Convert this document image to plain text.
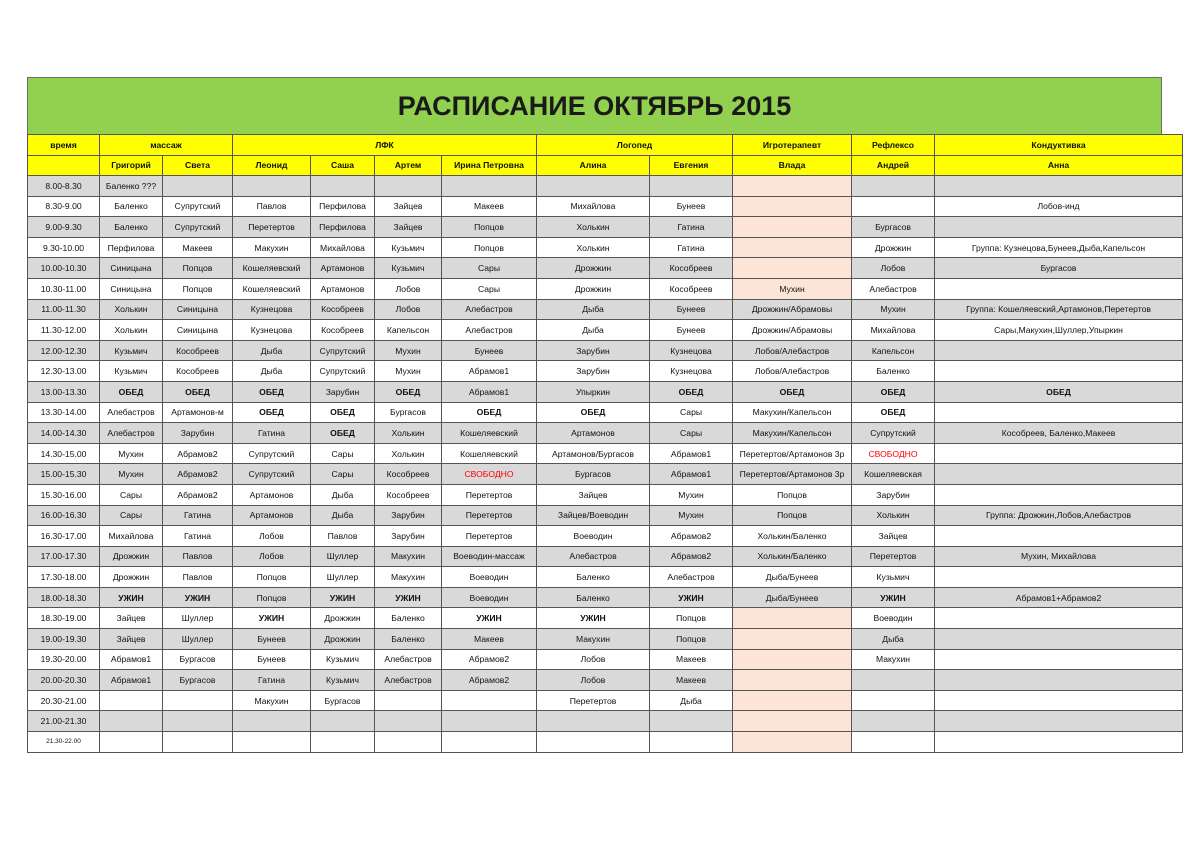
РАСПИСАНИЕ ОКТЯБРЬ 2015
время	массаж		ЛФК				Логопед		Игротерапевт	Рефлексо	Кондуктивка
	Григорий	Света	Леонид	Саша	Артем	Ирина Петровна	Алина	Евгения	Влада	Андрей	Анна
8.00-8.30	Баленко ???										
8.30-9.00	Баленко	Супрутский	Павлов	Перфилова	Зайцев	Макеев	Михайлова	Бунеев			Лобов-инд
9.00-9.30	Баленко	Супрутский	Перетертов	Перфилова	Зайцев	Попцов	Холькин	Гатина		Бургасов	
9.30-10.00	Перфилова	Макеев	Макухин	Михайлова	Кузьмич	Попцов	Холькин	Гатина		Дрожжин	Группа: Кузнецова,Бунеев,Дыба,Капельсон
10.00-10.30	Синицына	Попцов	Кошеляевский	Артамонов	Кузьмич	Сары	Дрожжин	Кособреев		Лобов	Бургасов
10.30-11.00	Синицына	Попцов	Кошеляевский	Артамонов	Лобов	Сары	Дрожжин	Кособреев	Мухин	Алебастров	
11.00-11.30	Холькин	Синицына	Кузнецова	Кособреев	Лобов	Алебастров	Дыба	Бунеев	Дрожжин/Абрамовы	Мухин	Группа: Кошеляевский,Артамонов,Перетертов
11.30-12.00	Холькин	Синицына	Кузнецова	Кособреев	Капельсон	Алебастров	Дыба	Бунеев	Дрожжин/Абрамовы	Михайлова	Сары,Макухин,Шуллер,Упыркин
12.00-12.30	Кузьмич	Кособреев	Дыба	Супрутский	Мухин	Бунеев	Зарубин	Кузнецова	Лобов/Алебастров	Капельсон	
12.30-13.00	Кузьмич	Кособреев	Дыба	Супрутский	Мухин	Абрамов1	Зарубин	Кузнецова	Лобов/Алебастров	Баленко	
13.00-13.30	ОБЕД	ОБЕД	ОБЕД	Зарубин	ОБЕД	Абрамов1	Упыркин	ОБЕД	ОБЕД	ОБЕД	ОБЕД
13.30-14.00	Алебастров	Артамонов-м	ОБЕД	ОБЕД	Бургасов	ОБЕД	ОБЕД	Сары	Макухин/Капельсон	ОБЕД	
14.00-14.30	Алебастров	Зарубин	Гатина	ОБЕД	Холькин	Кошеляевский	Артамонов	Сары	Макухин/Капельсон	Супрутский	Кособреев, Баленко,Макеев
14.30-15.00	Мухин	Абрамов2	Супрутский	Сары	Холькин	Кошеляевский	Артамонов/Бургасов	Абрамов1	Перетертов/Артамонов 3р	СВОБОДНО	
15.00-15.30	Мухин	Абрамов2	Супрутский	Сары	Кособреев	СВОБОДНО	Бургасов	Абрамов1	Перетертов/Артамонов 3р	Кошеляевская	
15.30-16.00	Сары	Абрамов2	Артамонов	Дыба	Кособреев	Перетертов	Зайцев	Мухин	Попцов	Зарубин	
16.00-16.30	Сары	Гатина	Артамонов	Дыба	Зарубин	Перетертов	Зайцев/Воеводин	Мухин	Попцов	Холькин	Группа: Дрожжин,Лобов,Алебастров
16.30-17.00	Михайлова	Гатина	Лобов	Павлов	Зарубин	Перетертов	Воеводин	Абрамов2	Холькин/Баленко	Зайцев	
17.00-17.30	Дрожжин	Павлов	Лобов	Шуллер	Макухин	Воеводин-массаж	Алебастров	Абрамов2	Холькин/Баленко	Перетертов	Мухин, Михайлова
17.30-18.00	Дрожжин	Павлов	Попцов	Шуллер	Макухин	Воеводин	Баленко	Алебастров	Дыба/Бунеев	Кузьмич	
18.00-18.30	УЖИН	УЖИН	Попцов	УЖИН	УЖИН	Воеводин	Баленко	УЖИН	Дыба/Бунеев	УЖИН	Абрамов1+Абрамов2
18.30-19.00	Зайцев	Шуллер	УЖИН	Дрожжин	Баленко	УЖИН	УЖИН	Попцов		Воеводин	
19.00-19.30	Зайцев	Шуллер	Бунеев	Дрожжин	Баленко	Макеев	Макухин	Попцов		Дыба	
19.30-20.00	Абрамов1	Бургасов	Бунеев	Кузьмич	Алебастров	Абрамов2	Лобов	Макеев		Макухин	
20.00-20.30	Абрамов1	Бургасов	Гатина	Кузьмич	Алебастров	Абрамов2	Лобов	Макеев			
20.30-21.00			Макухин	Бургасов			Перетертов	Дыба			
21.00-21.30											
21.30-22.00											
